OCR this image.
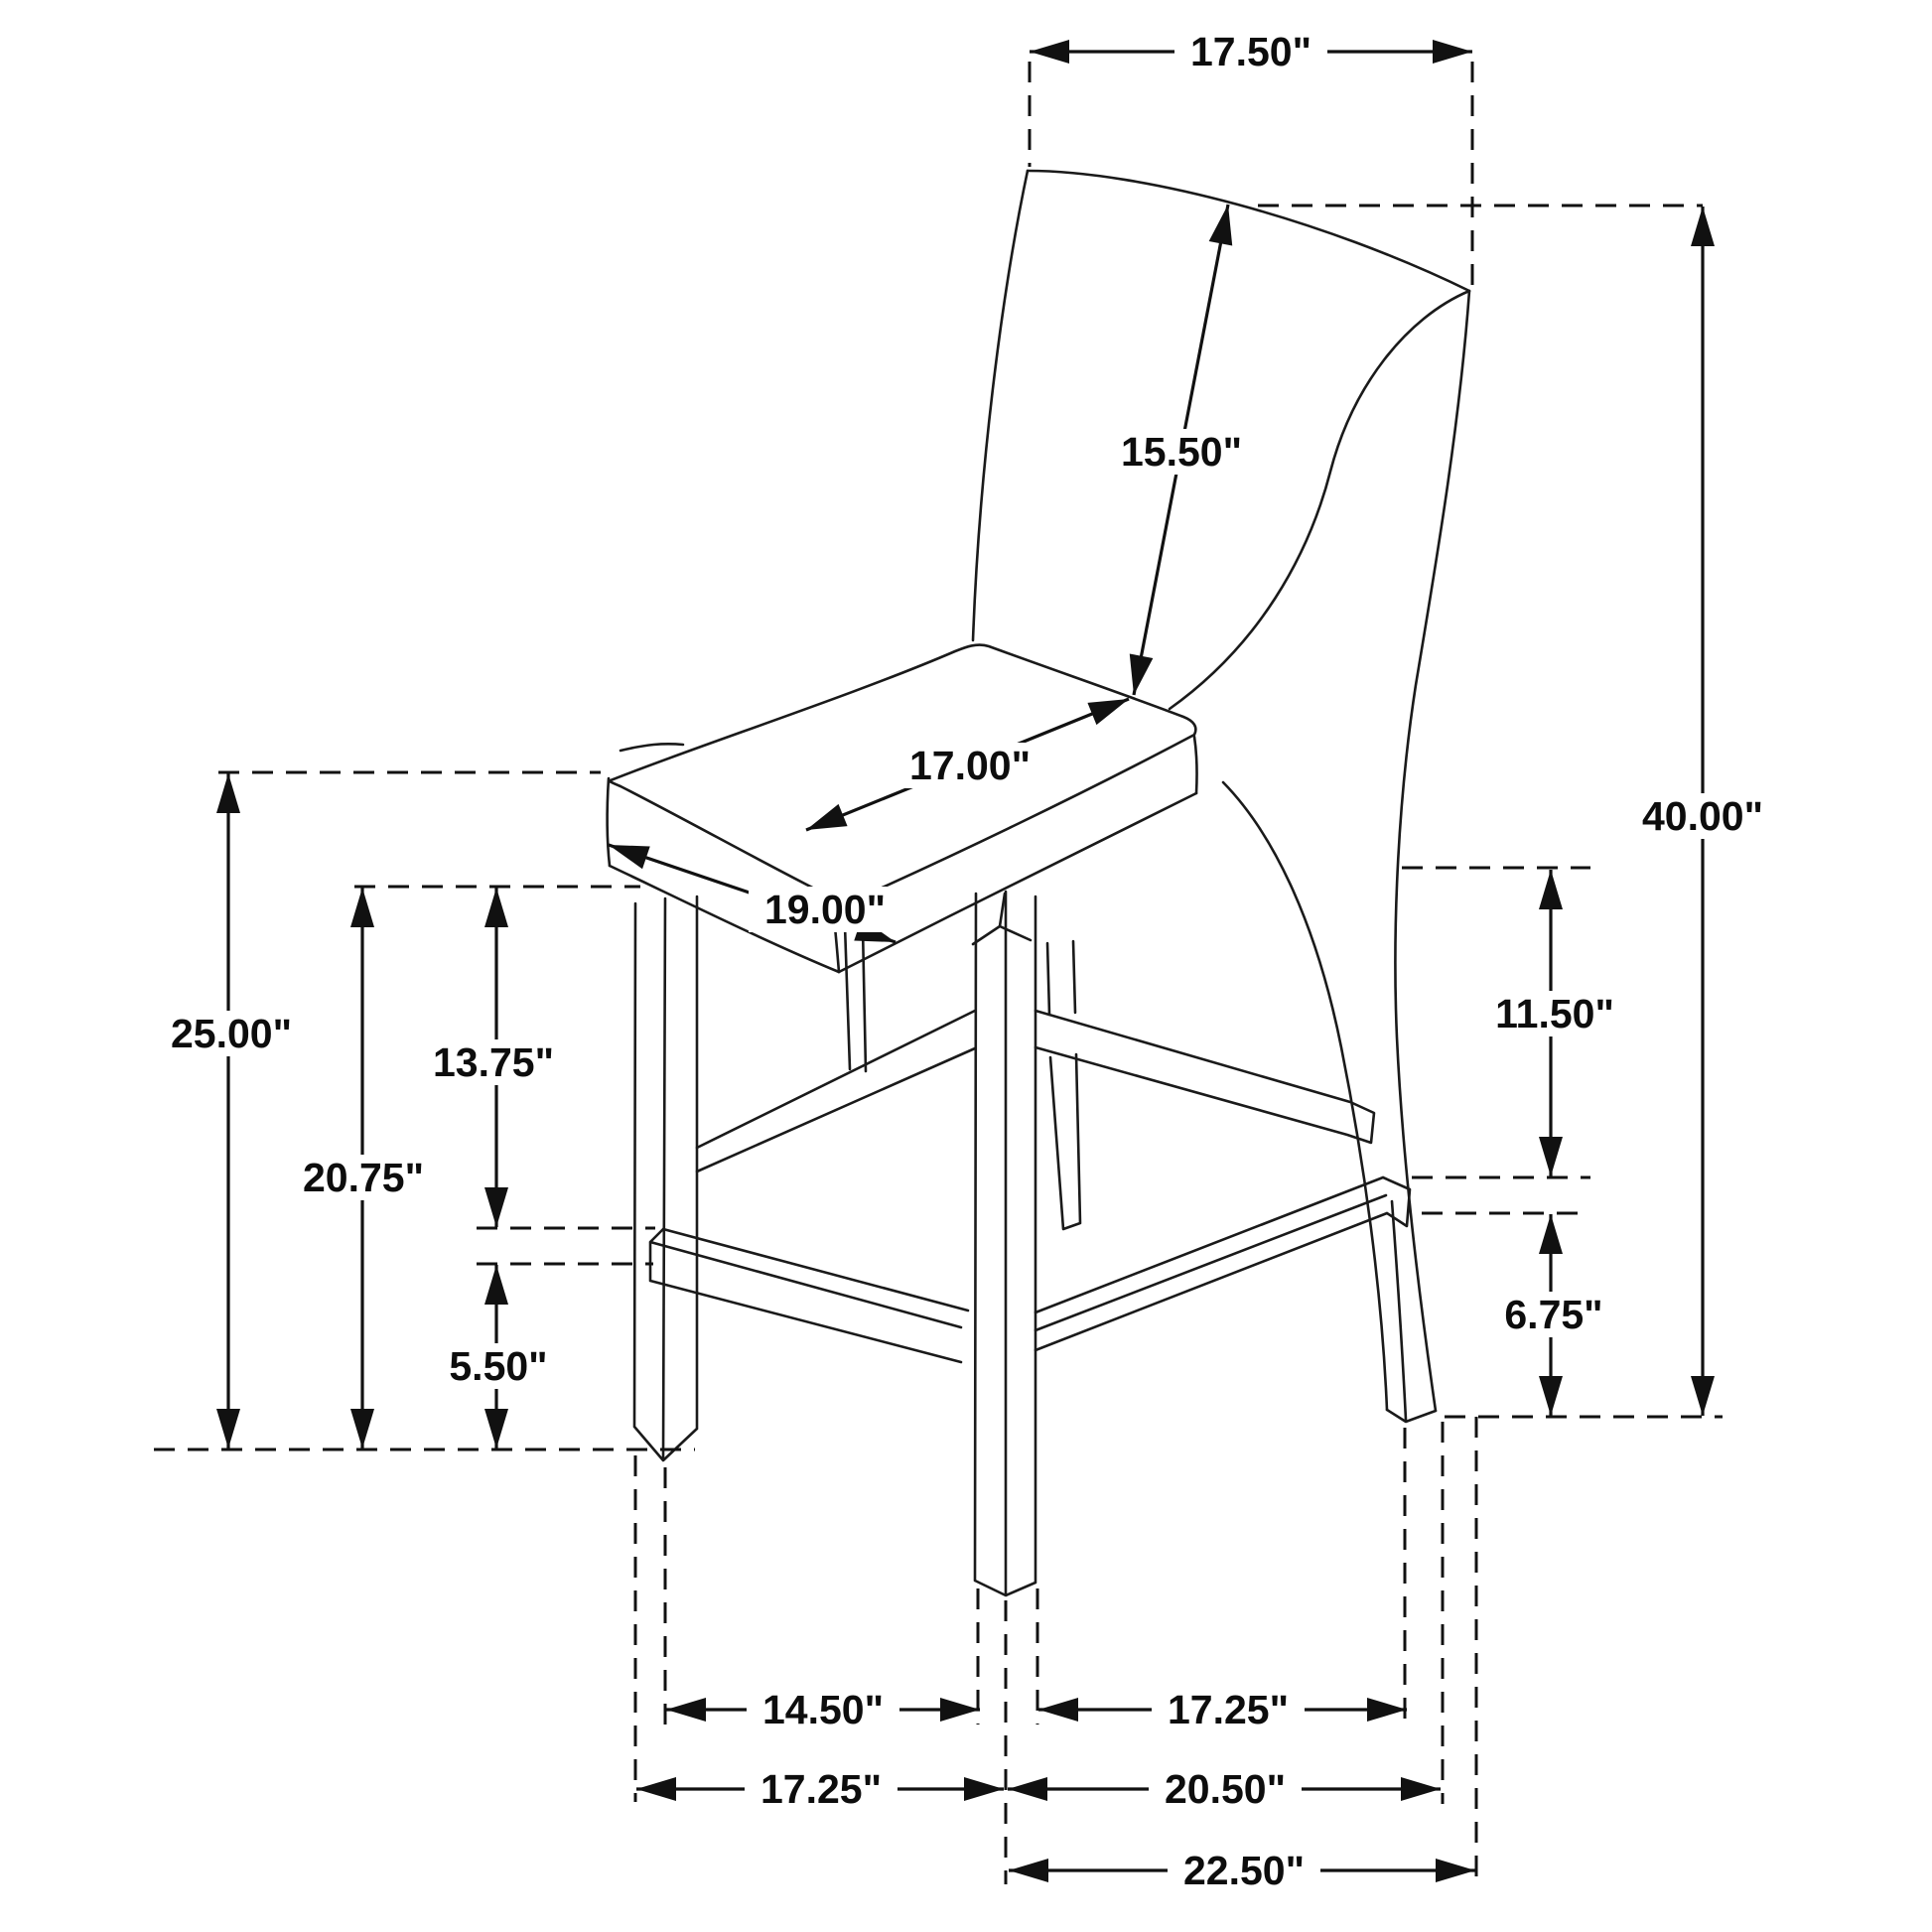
17.50"
40.00"
15.50"
17.00"
19.00"
25.00"
20.75"
13.75"
5.50"
11.50"
6.75"
14.50"	17.25"
17.25"	20.50"
22.50"
